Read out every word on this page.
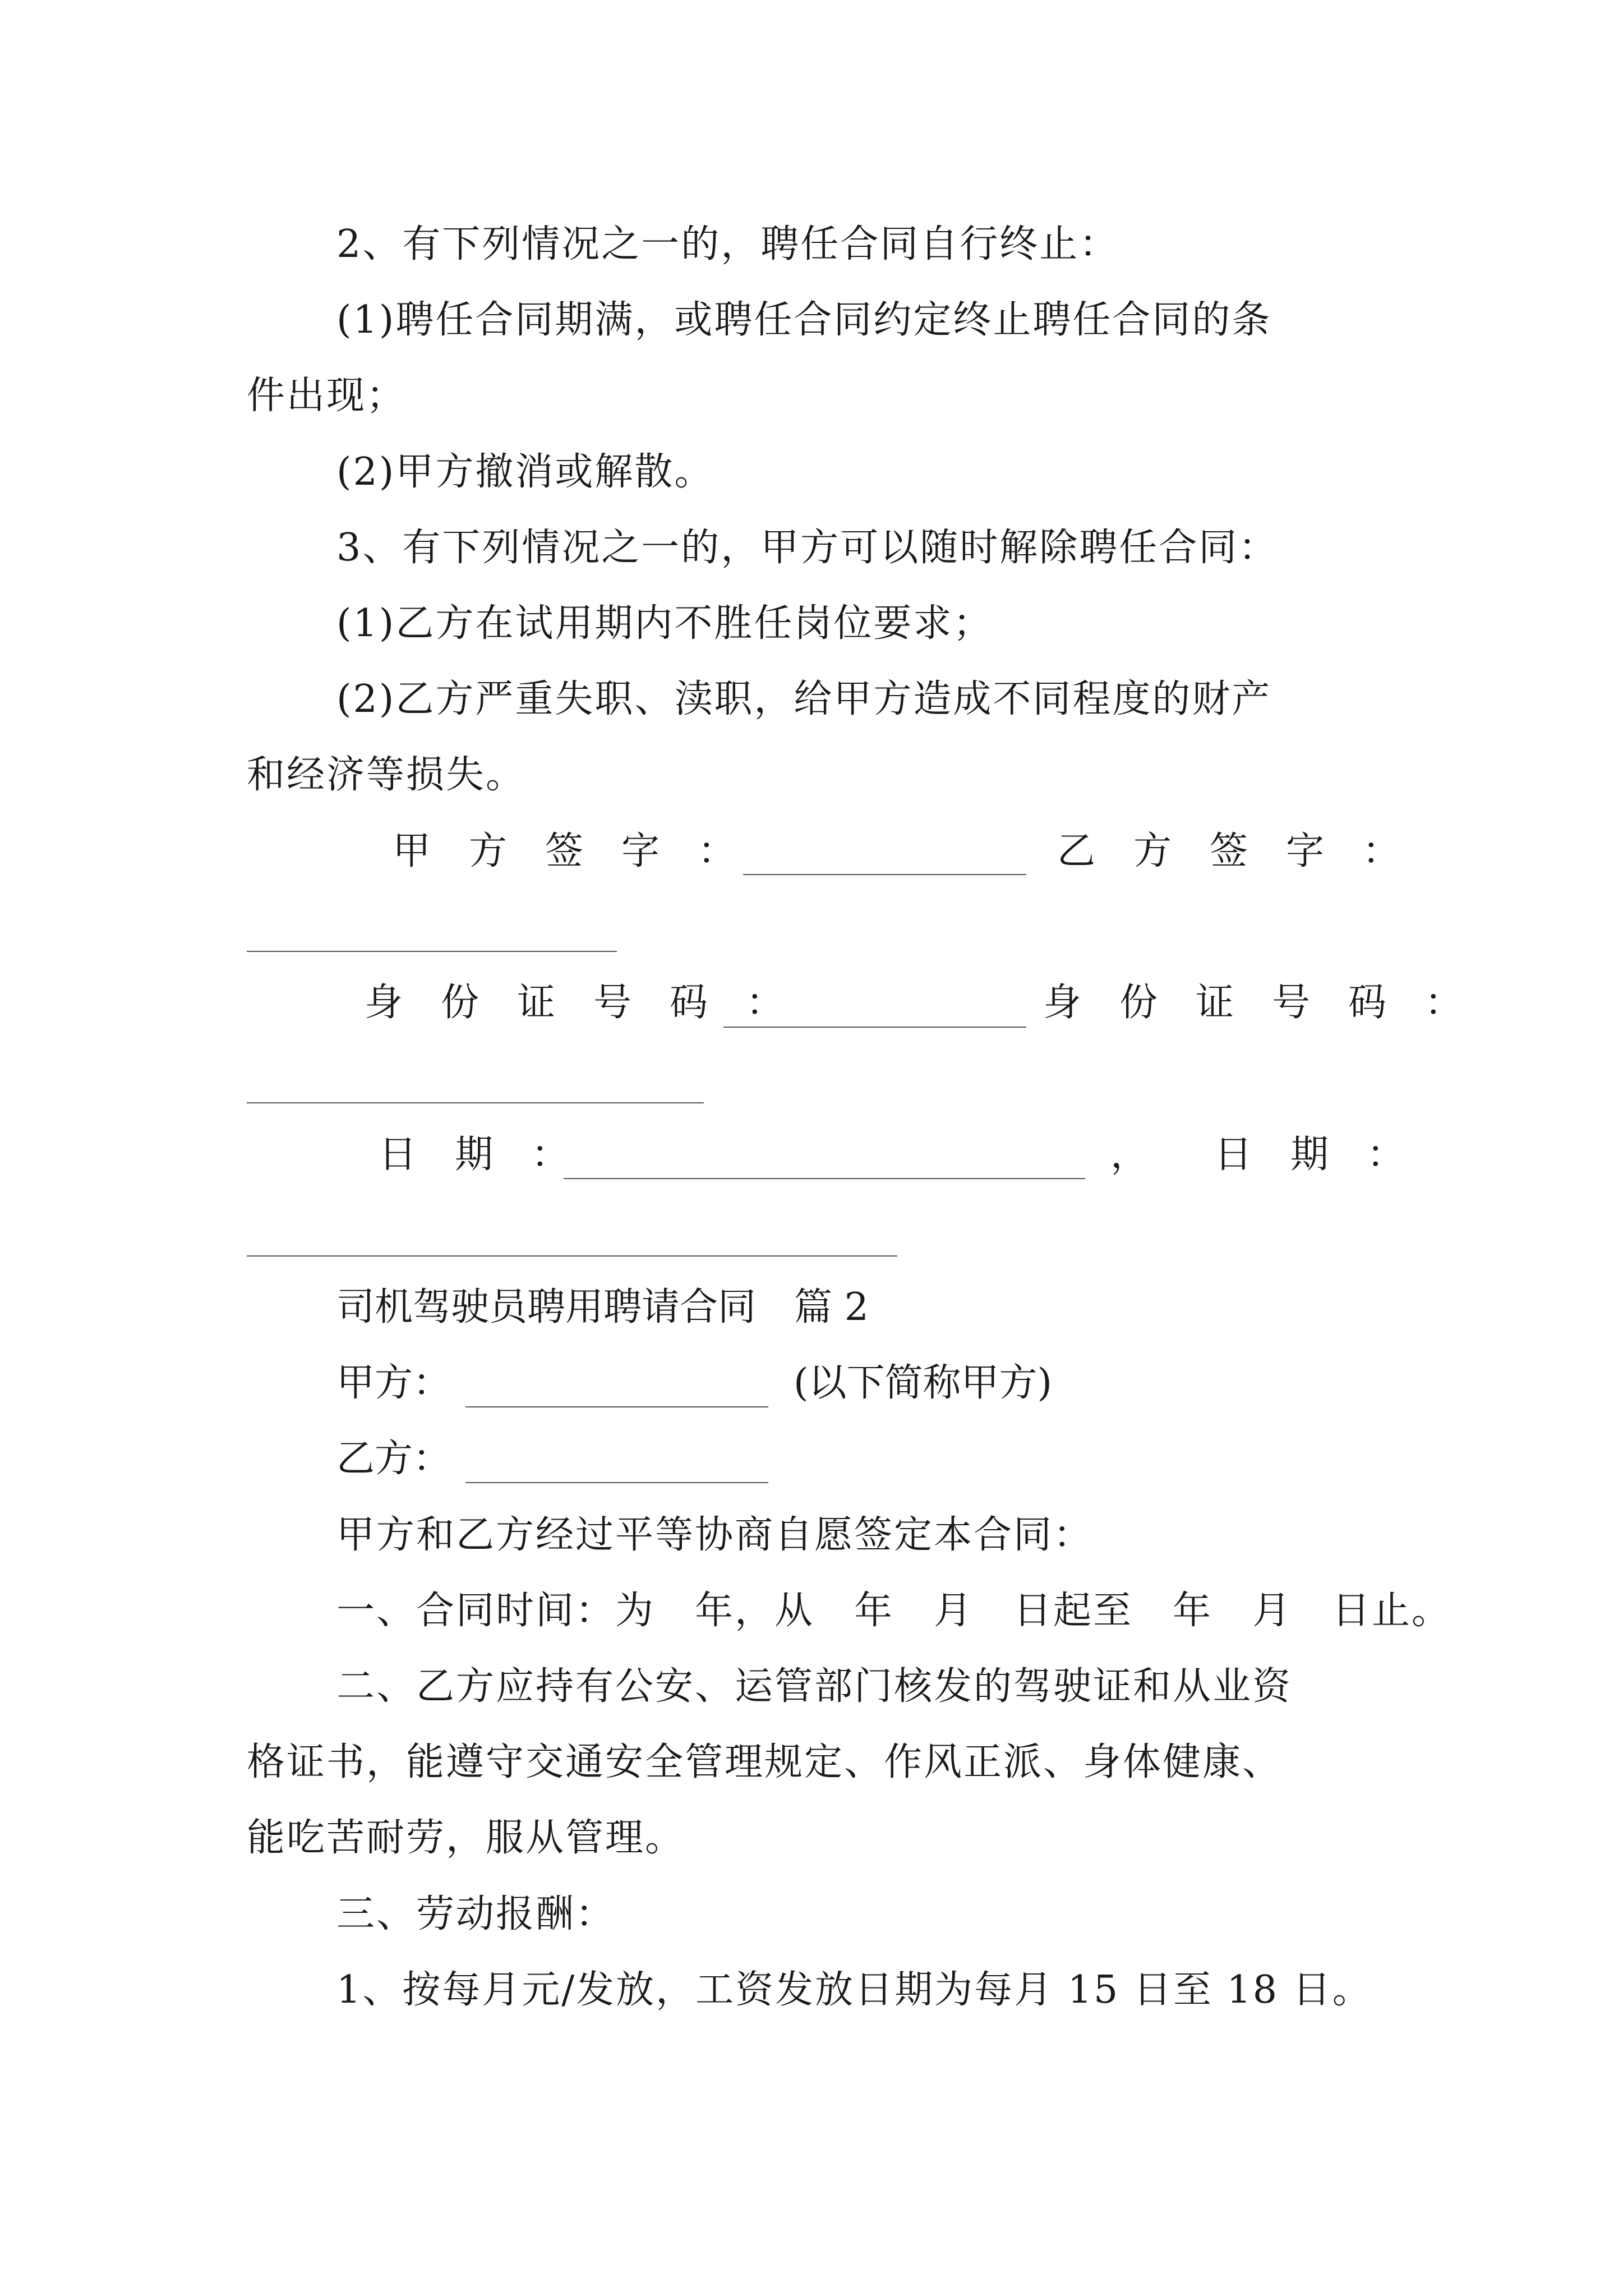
2、有下列情况之一的，聘任合同自行终止：
(1)聘任合同期满，或聘任合同约定终止聘任合同的条
件出现；
(2)甲方撤消或解散。
3、有下列情况之一的，甲方可以随时解除聘任合同：
(1)乙方在试用期内不胜任岗位要求；
(2)乙方严重失职、渎职，给甲方造成不同程度的财产
和经济等损失。
甲　方　签　字　：	乙　方　签　字　：
身　份　证　号　码　：	身　份　证　号　码　：
日　期　：	， 日　期　：
司机驾驶员聘用聘请合同　篇 2
甲方：	(以下简称甲方)
乙方：
甲方和乙方经过平等协商自愿签定本合同：
一、合同时间：为　年，从　年　月　日起至　年　月　日止。
二、乙方应持有公安、运管部门核发的驾驶证和从业资
格证书，能遵守交通安全管理规定、作风正派、身体健康、
能吃苦耐劳，服从管理。
三、劳动报酬：
1、按每月元/发放，工资发放日期为每月 15 日至 18 日。
